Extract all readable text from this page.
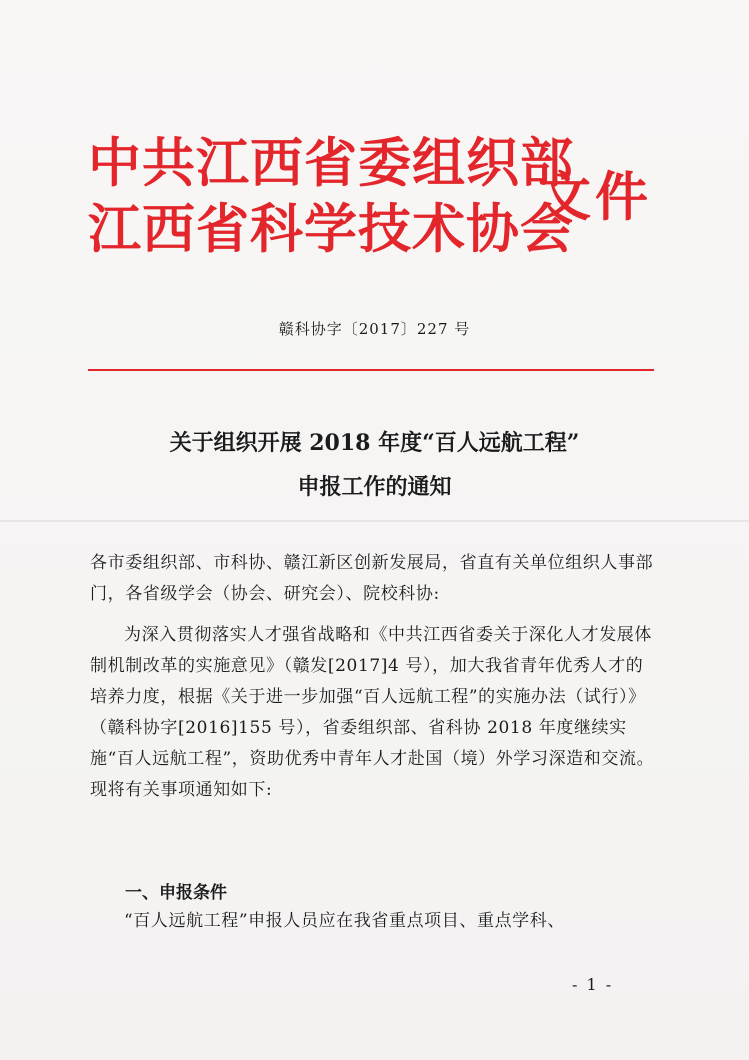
中共江西省委组织部
江西省科学技术协会
文件
赣科协字〔2017〕227 号
关于组织开展 2018 年度“百人远航工程”
申报工作的通知
各市委组织部、市科协、赣江新区创新发展局，省直有关单位组织人事部门，各省级学会（协会、研究会）、院校科协:
为深入贯彻落实人才强省战略和《中共江西省委关于深化人才发展体制机制改革的实施意见》（赣发[2017]4 号），加大我省青年优秀人才的培养力度，根据《关于进一步加强“百人远航工程”的实施办法（试行）》（赣科协字[2016]155 号），省委组织部、省科协 2018 年度继续实施“百人远航工程”，资助优秀中青年人才赴国（境）外学习深造和交流。现将有关事项通知如下:
一、申报条件
“百人远航工程”申报人员应在我省重点项目、重点学科、
- 1 -
